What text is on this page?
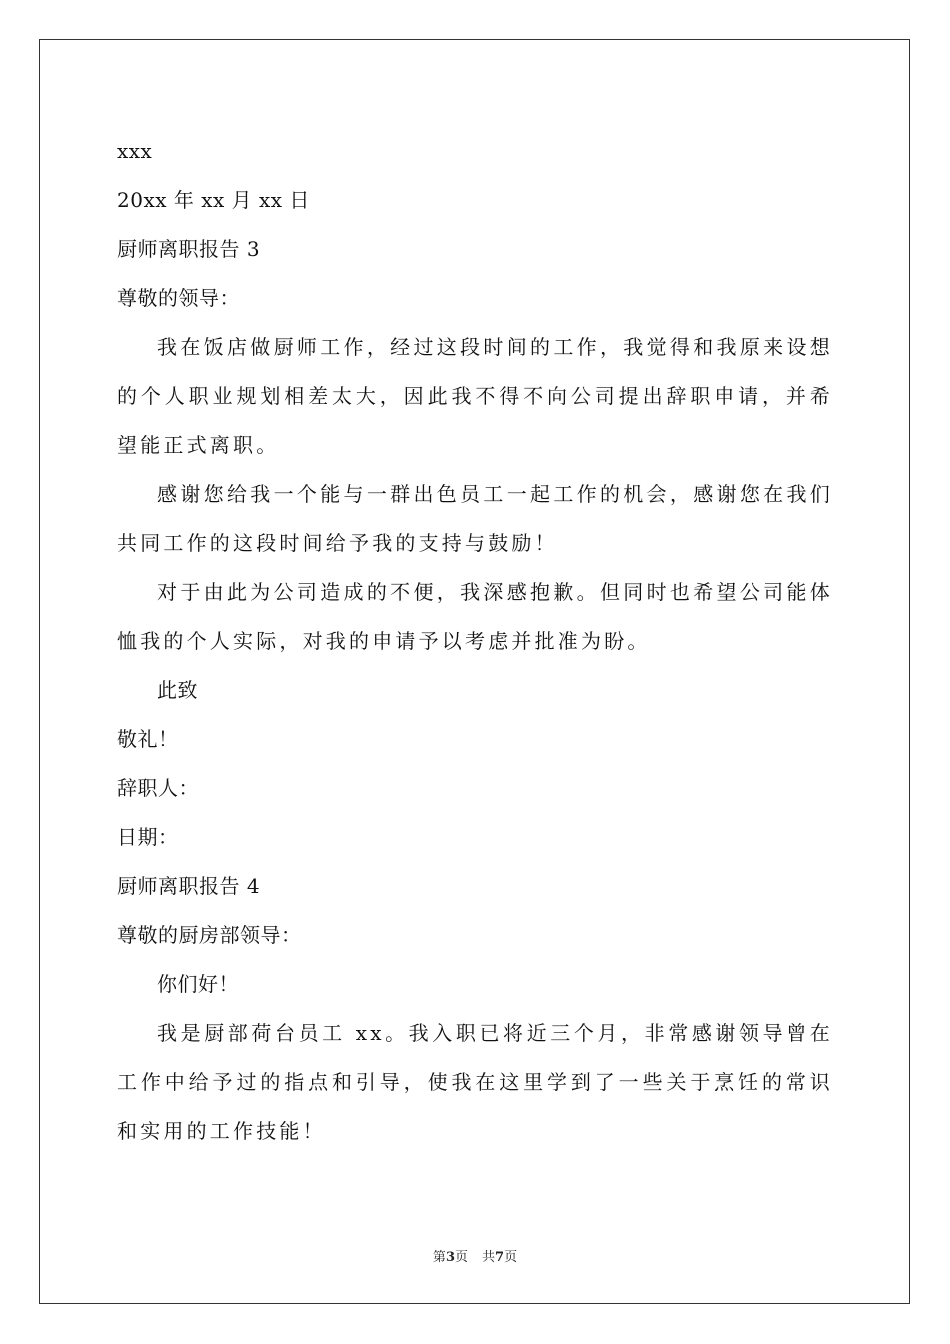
xxx
20xx 年 xx 月 xx 日
厨师离职报告 3
尊敬的领导：

我在饭店做厨师工作，经过这段时间的工作，我觉得和我原来设想的个人职业规划相差太大，因此我不得不向公司提出辞职申请，并希望能正式离职。

感谢您给我一个能与一群出色员工一起工作的机会，感谢您在我们共同工作的这段时间给予我的支持与鼓励！

对于由此为公司造成的不便，我深感抱歉。但同时也希望公司能体恤我的个人实际，对我的申请予以考虑并批准为盼。

此致
敬礼！
辞职人：
日期：
厨师离职报告 4
尊敬的厨房部领导：
你们好！

我是厨部荷台员工 xx。我入职已将近三个月，非常感谢领导曾在工作中给予过的指点和引导，使我在这里学到了一些关于烹饪的常识和实用的工作技能！

第3页 共7页
